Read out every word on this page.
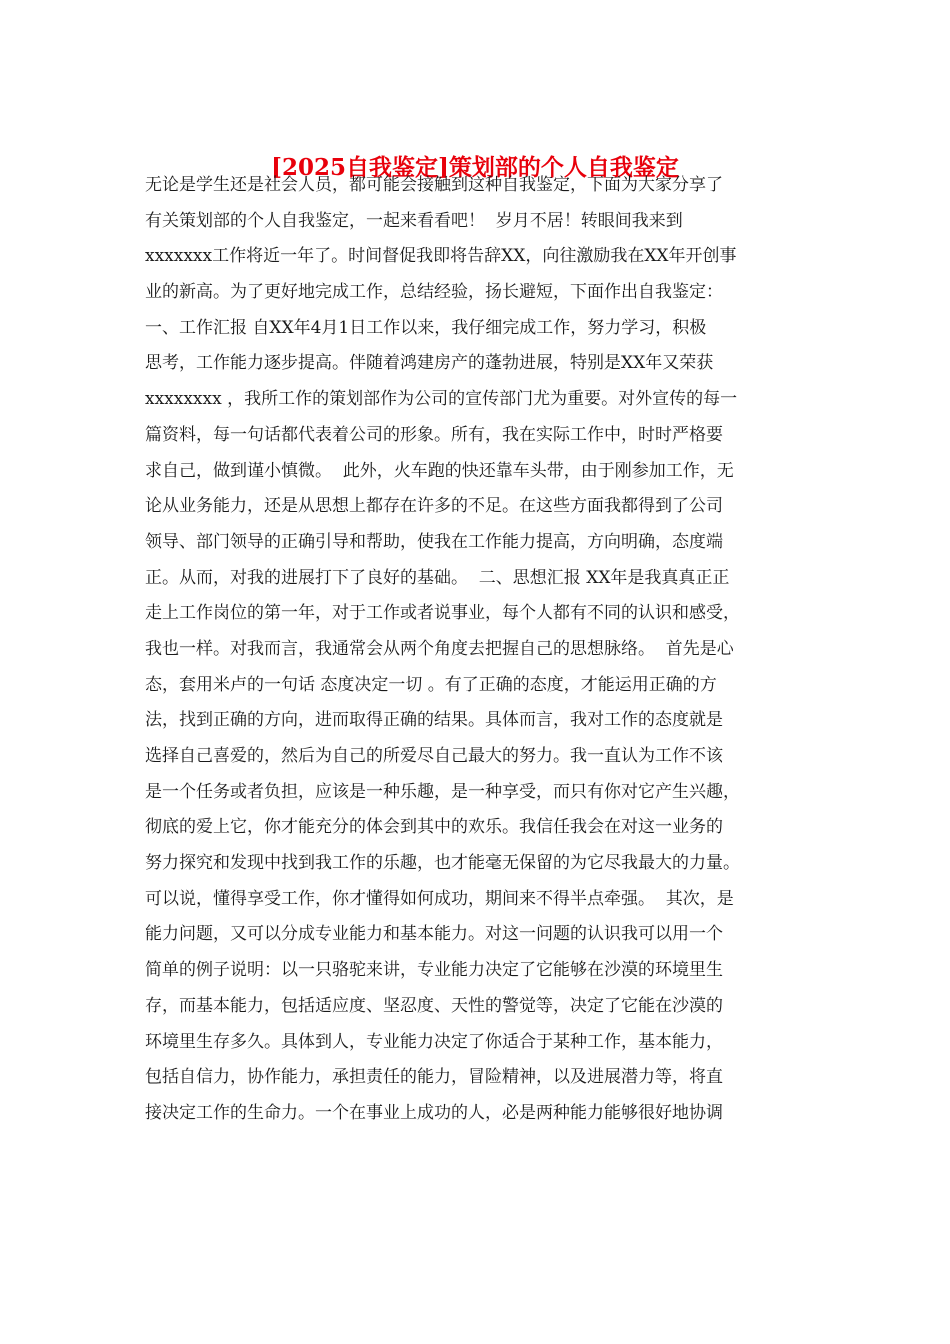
[2025自我鉴定]策划部的个人自我鉴定
无论是学生还是社会人员，都可能会接触到这种自我鉴定，下面为大家分享了
有关策划部的个人自我鉴定，一起来看看吧！  岁月不居！转眼间我来到
xxxxxxx工作将近一年了。时间督促我即将告辞XX，向往激励我在XX年开创事
业的新高。为了更好地完成工作，总结经验，扬长避短，下面作出自我鉴定：
一、工作汇报 自XX年4月1日工作以来，我仔细完成工作，努力学习，积极
思考，工作能力逐步提高。伴随着鸿建房产的蓬勃进展，特别是XX年又荣获
xxxxxxxx ，我所工作的策划部作为公司的宣传部门尤为重要。对外宣传的每一
篇资料，每一句话都代表着公司的形象。所有，我在实际工作中，时时严格要
求自己，做到谨小慎微。  此外，火车跑的快还靠车头带，由于刚参加工作，无
论从业务能力，还是从思想上都存在许多的不足。在这些方面我都得到了公司
领导、部门领导的正确引导和帮助，使我在工作能力提高，方向明确，态度端
正。从而，对我的进展打下了良好的基础。  二、思想汇报 XX年是我真真正正
走上工作岗位的第一年，对于工作或者说事业，每个人都有不同的认识和感受，
我也一样。对我而言，我通常会从两个角度去把握自己的思想脉络。  首先是心
态，套用米卢的一句话 态度决定一切 。有了正确的态度，才能运用正确的方
法，找到正确的方向，进而取得正确的结果。具体而言，我对工作的态度就是
选择自己喜爱的，然后为自己的所爱尽自己最大的努力。我一直认为工作不该
是一个任务或者负担，应该是一种乐趣，是一种享受，而只有你对它产生兴趣，
彻底的爱上它，你才能充分的体会到其中的欢乐。我信任我会在对这一业务的
努力探究和发现中找到我工作的乐趣，也才能毫无保留的为它尽我最大的力量。
可以说，懂得享受工作，你才懂得如何成功，期间来不得半点牵强。  其次，是
能力问题，又可以分成专业能力和基本能力。对这一问题的认识我可以用一个
简单的例子说明：以一只骆驼来讲，专业能力决定了它能够在沙漠的环境里生
存，而基本能力，包括适应度、坚忍度、天性的警觉等，决定了它能在沙漠的
环境里生存多久。具体到人，专业能力决定了你适合于某种工作，基本能力，
包括自信力，协作能力，承担责任的能力，冒险精神，以及进展潜力等，将直
接决定工作的生命力。一个在事业上成功的人，必是两种能力能够很好地协调
